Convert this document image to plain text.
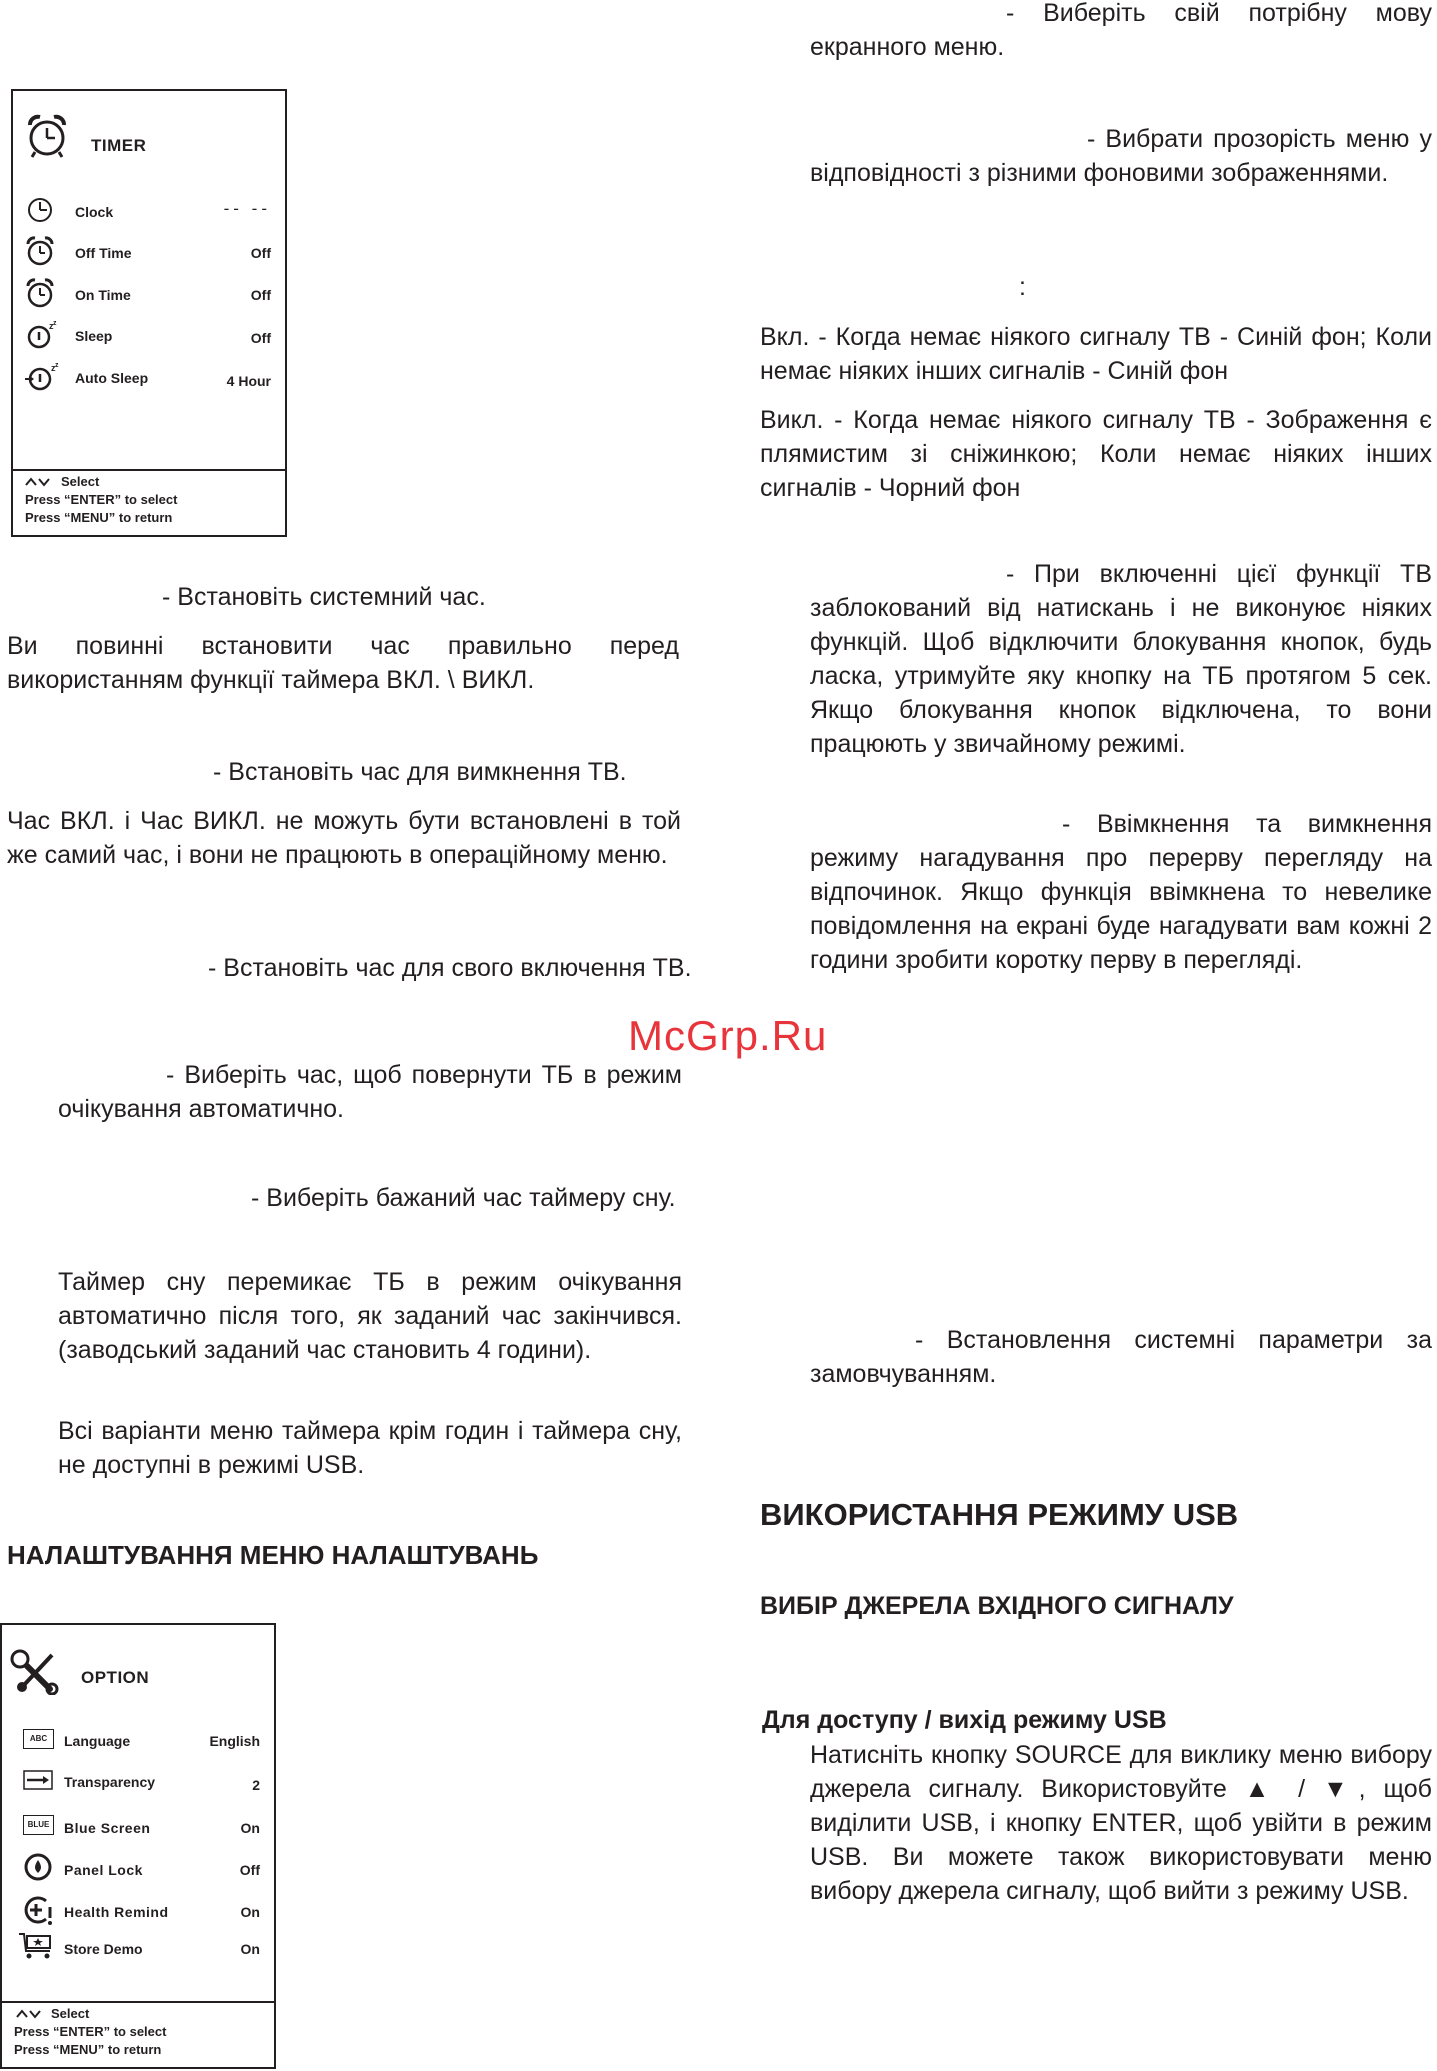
TIMER
Clock	-- --
Off Time	Off
On Time	Off
z z
Sleep	Off
z z
Auto Sleep	4 Hour
Select
Press “ENTER” to select
Press “MENU” to return

- Встановіть системний час.

Ви повинні встановити час правильно перед використанням функції таймера ВКЛ. \ ВИКЛ.

- Встановіть час для вимкнення ТВ.

Час ВКЛ. і Час ВИКЛ. не можуть бути встановлені в той же самий час, і вони не працюють в операційному меню.

- Встановіть час для свого включення ТВ.

- Виберіть час, щоб повернути ТБ в режим очікування автоматично.

- Виберіть бажаний час таймеру сну.

Таймер сну перемикає ТБ в режим очікування автоматично після того, як заданий час закінчився. (заводський заданий час становить 4 години).

Всі варіанти меню таймера крім годин і таймера сну, не доступні в режимі USB.

НАЛАШТУВАННЯ МЕНЮ НАЛАШТУВАНЬ

OPTION
ABC	Language	English
Transparency	2
BLUE	Blue Screen	On
Panel Lock	Off
Health Remind	On
Store Demo	On
Select
Press “ENTER” to select
Press “MENU” to return

- Виберіть свій потрібну мову екранного меню.

- Вибрати прозорість меню у відповідності з різними фоновими зображеннями.

:

Вкл. - Когда немає ніякого сигналу ТВ - Синій фон; Коли немає ніяких інших сигналів - Синій фон

Викл. - Когда немає ніякого сигналу ТВ - Зображення є плямистим зі сніжинкою; Коли немає ніяких інших сигналів - Чорний фон

- При включенні цієї функції ТВ заблокований від натискань і не виконуює ніяких функцій. Щоб відключити блокування кнопок, будь ласка, утримуйте яку кнопку на ТБ протягом 5 сек. Якщо блокування кнопок відключена, то вони працюють у звичайному режимі.

- Ввімкнення та вимкнення режиму нагадування про перерву перегляду на відпочинок. Якщо функція ввімкнена то невелике повідомлення на екрані буде нагадувати вам кожні 2 години зробити коротку перву в перегляді.

- Встановлення системні параметри за замовчуванням.

ВИКОРИСТАННЯ РЕЖИМУ USB

ВИБІР ДЖЕРЕЛА ВХІДНОГО СИГНАЛУ

Для доступу / вихід режиму USB

Натисніть кнопку SOURCE для виклику меню вибору джерела сигналу. Використовуйте ▲ / ▼, щоб виділити USB, і кнопку ENTER, щоб увійти в режим USB. Ви можете також використовувати меню вибору джерела сигналу, щоб вийти з режиму USB.

McGrp.Ru
